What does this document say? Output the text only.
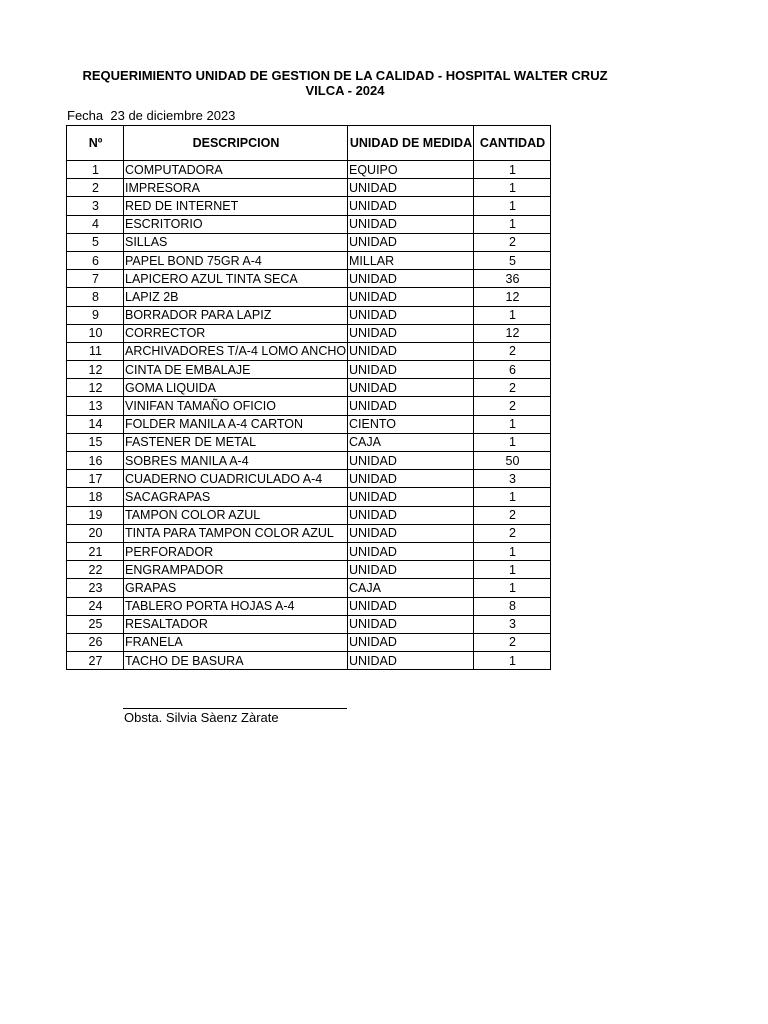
REQUERIMIENTO UNIDAD DE GESTION DE LA CALIDAD - HOSPITAL WALTER CRUZ
VILCA - 2024
Fecha 23 de diciembre 2023
Nº	DESCRIPCION	UNIDAD DE MEDIDA	CANTIDAD
1	COMPUTADORA	EQUIPO	1
2	IMPRESORA	UNIDAD	1
3	RED DE INTERNET	UNIDAD	1
4	ESCRITORIO	UNIDAD	1
5	SILLAS	UNIDAD	2
6	PAPEL BOND 75GR A-4	MILLAR	5
7	LAPICERO AZUL TINTA SECA	UNIDAD	36
8	LAPIZ 2B	UNIDAD	12
9	BORRADOR PARA LAPIZ	UNIDAD	1
10	CORRECTOR	UNIDAD	12
11	ARCHIVADORES T/A-4 LOMO ANCHO	UNIDAD	2
12	CINTA DE EMBALAJE	UNIDAD	6
12	GOMA LIQUIDA	UNIDAD	2
13	VINIFAN TAMAÑO OFICIO	UNIDAD	2
14	FOLDER MANILA A-4 CARTON	CIENTO	1
15	FASTENER DE METAL	CAJA	1
16	SOBRES MANILA A-4	UNIDAD	50
17	CUADERNO CUADRICULADO A-4	UNIDAD	3
18	SACAGRAPAS	UNIDAD	1
19	TAMPON COLOR AZUL	UNIDAD	2
20	TINTA PARA TAMPON COLOR AZUL	UNIDAD	2
21	PERFORADOR	UNIDAD	1
22	ENGRAMPADOR	UNIDAD	1
23	GRAPAS	CAJA	1
24	TABLERO PORTA HOJAS A-4	UNIDAD	8
25	RESALTADOR	UNIDAD	3
26	FRANELA	UNIDAD	2
27	TACHO DE BASURA	UNIDAD	1
Obsta. Silvia Sàenz Zàrate
